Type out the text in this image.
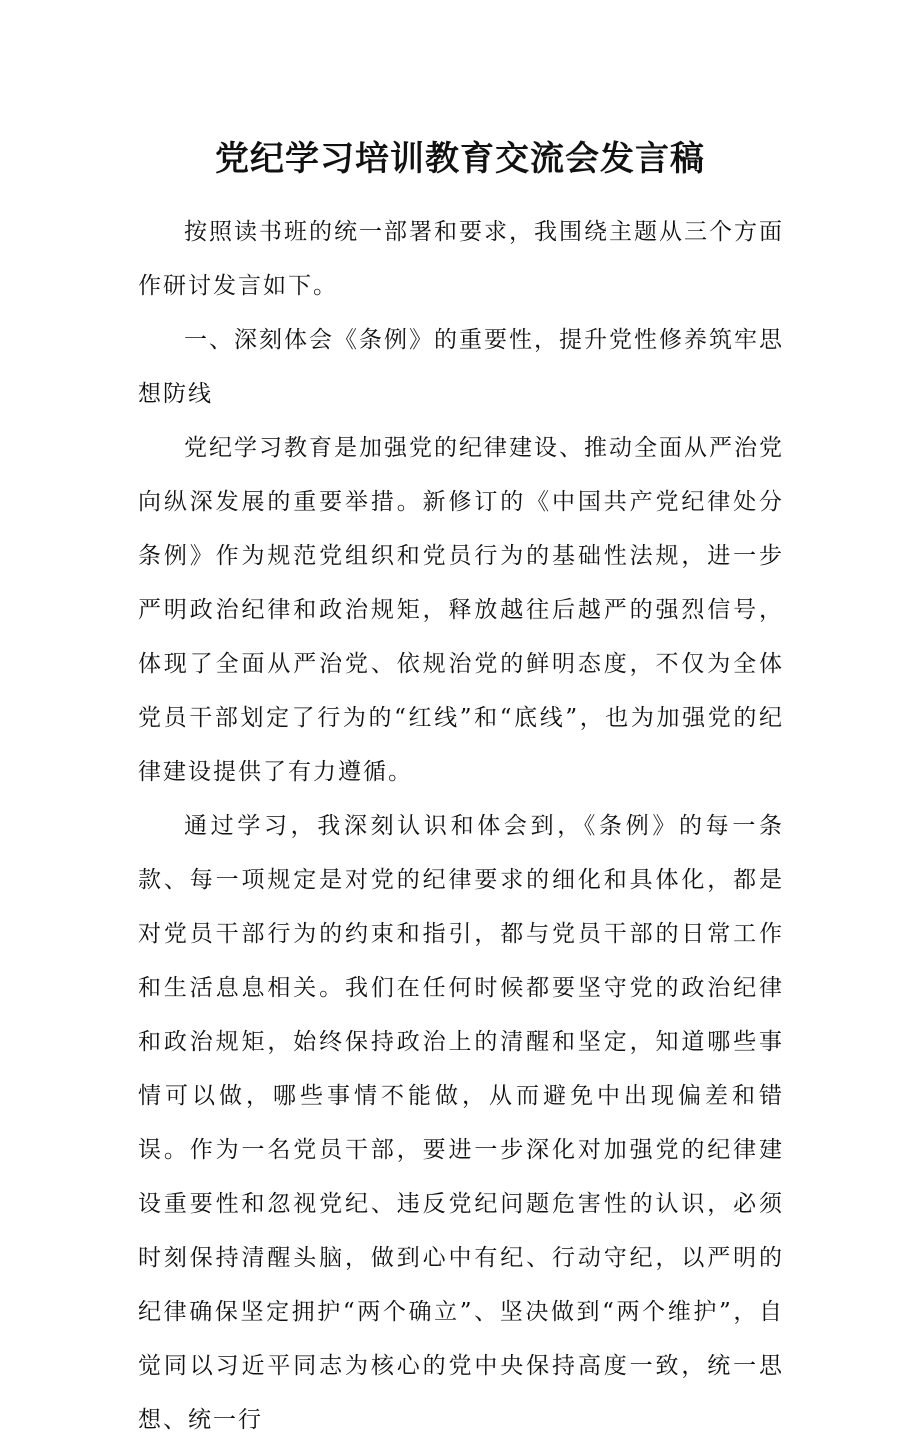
党纪学习培训教育交流会发言稿

按照读书班的统一部署和要求，我围绕主题从三个方面作研讨发言如下。

一、深刻体会《条例》的重要性，提升党性修养筑牢思想防线

党纪学习教育是加强党的纪律建设、推动全面从严治党向纵深发展的重要举措。新修订的《中国共产党纪律处分条例》作为规范党组织和党员行为的基础性法规，进一步严明政治纪律和政治规矩，释放越往后越严的强烈信号，体现了全面从严治党、依规治党的鲜明态度，不仅为全体党员干部划定了行为的“红线”和“底线”，也为加强党的纪律建设提供了有力遵循。

通过学习，我深刻认识和体会到，《条例》的每一条款、每一项规定是对党的纪律要求的细化和具体化，都是对党员干部行为的约束和指引，都与党员干部的日常工作和生活息息相关。我们在任何时候都要坚守党的政治纪律和政治规矩，始终保持政治上的清醒和坚定，知道哪些事情可以做，哪些事情不能做，从而避免中出现偏差和错误。作为一名党员干部，要进一步深化对加强党的纪律建设重要性和忽视党纪、违反党纪问题危害性的认识，必须时刻保持清醒头脑，做到心中有纪、行动守纪，以严明的纪律确保坚定拥护“两个确立”、坚决做到“两个维护”，自觉同以习近平同志为核心的党中央保持高度一致，统一思想、统一行
